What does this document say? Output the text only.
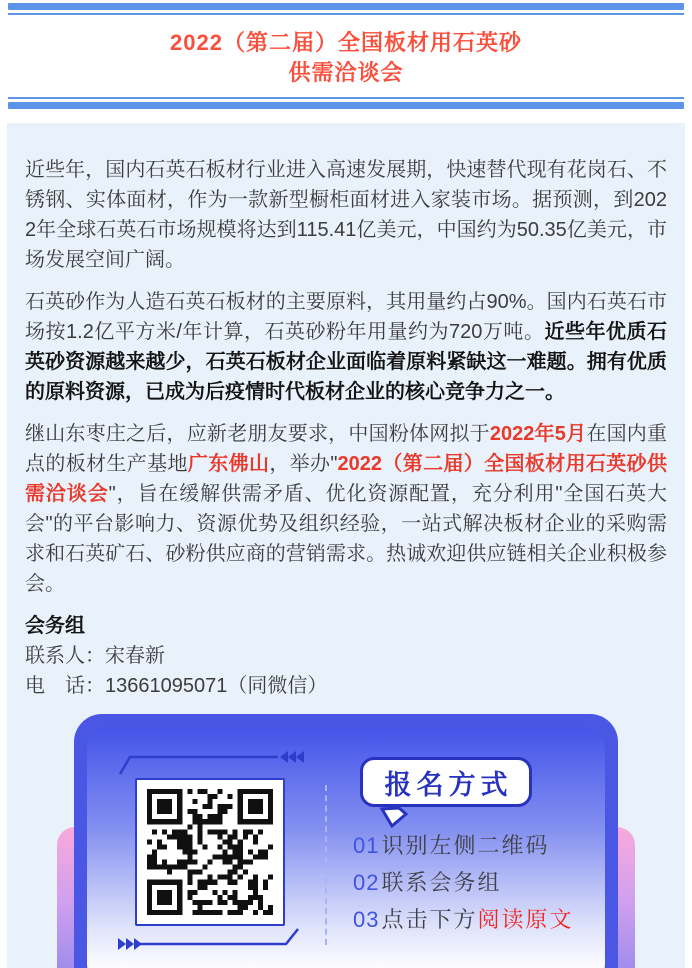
2022（第二届）全国板材用石英砂
供需洽谈会

近些年，国内石英石板材行业进入高速发展期，快速替代现有花岗石、不锈钢、实体面材，作为一款新型橱柜面材进入家装市场。据预测，到2022年全球石英石市场规模将达到115.41亿美元，中国约为50.35亿美元，市场发展空间广阔。

石英砂作为人造石英石板材的主要原料，其用量约占90%。国内石英石市场按1.2亿平方米/年计算，石英砂粉年用量约为720万吨。近些年优质石英砂资源越来越少，石英石板材企业面临着原料紧缺这一难题。拥有优质的原料资源，已成为后疫情时代板材企业的核心竞争力之一。

继山东枣庄之后，应新老朋友要求，中国粉体网拟于2022年5月在国内重点的板材生产基地广东佛山，举办"2022（第二届）全国板材用石英砂供需洽谈会"，旨在缓解供需矛盾、优化资源配置，充分利用"全国石英大会"的平台影响力、资源优势及组织经验，一站式解决板材企业的采购需求和石英矿石、砂粉供应商的营销需求。热诚欢迎供应链相关企业积极参会。

会务组
联系人：宋春新
电　话：13661095071（同微信）
报名方式
01识别左侧二维码
02联系会务组
03点击下方阅读原文
